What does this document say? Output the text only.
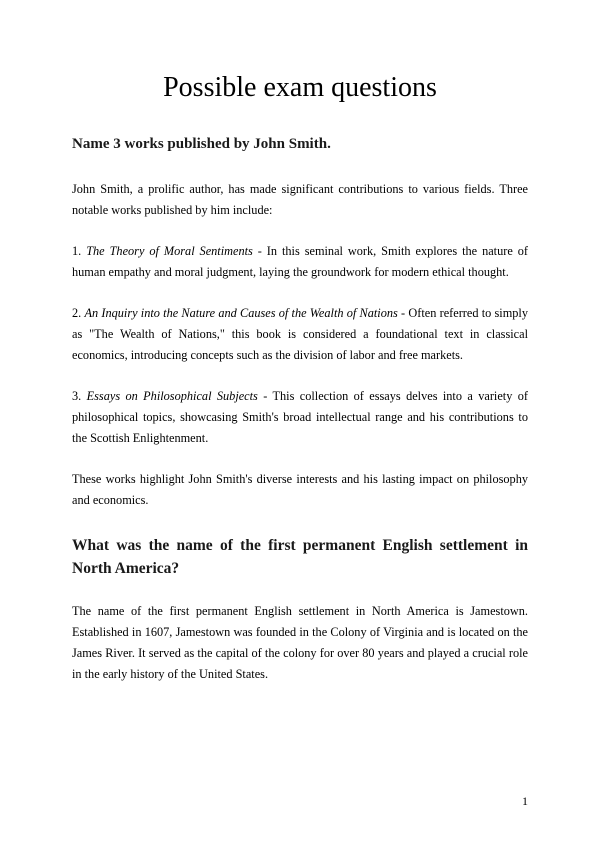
Possible exam questions
Name 3 works published by John Smith.

John Smith, a prolific author, has made significant contributions to various fields. Three notable works published by him include:

1. The Theory of Moral Sentiments - In this seminal work, Smith explores the nature of human empathy and moral judgment, laying the groundwork for modern ethical thought.

2. An Inquiry into the Nature and Causes of the Wealth of Nations - Often referred to simply as "The Wealth of Nations," this book is considered a foundational text in classical economics, introducing concepts such as the division of labor and free markets.

3. Essays on Philosophical Subjects - This collection of essays delves into a variety of philosophical topics, showcasing Smith's broad intellectual range and his contributions to the Scottish Enlightenment.

These works highlight John Smith's diverse interests and his lasting impact on philosophy and economics.

What was the name of the first permanent English settlement in North America?

The name of the first permanent English settlement in North America is Jamestown. Established in 1607, Jamestown was founded in the Colony of Virginia and is located on the James River. It served as the capital of the colony for over 80 years and played a crucial role in the early history of the United States.

1
